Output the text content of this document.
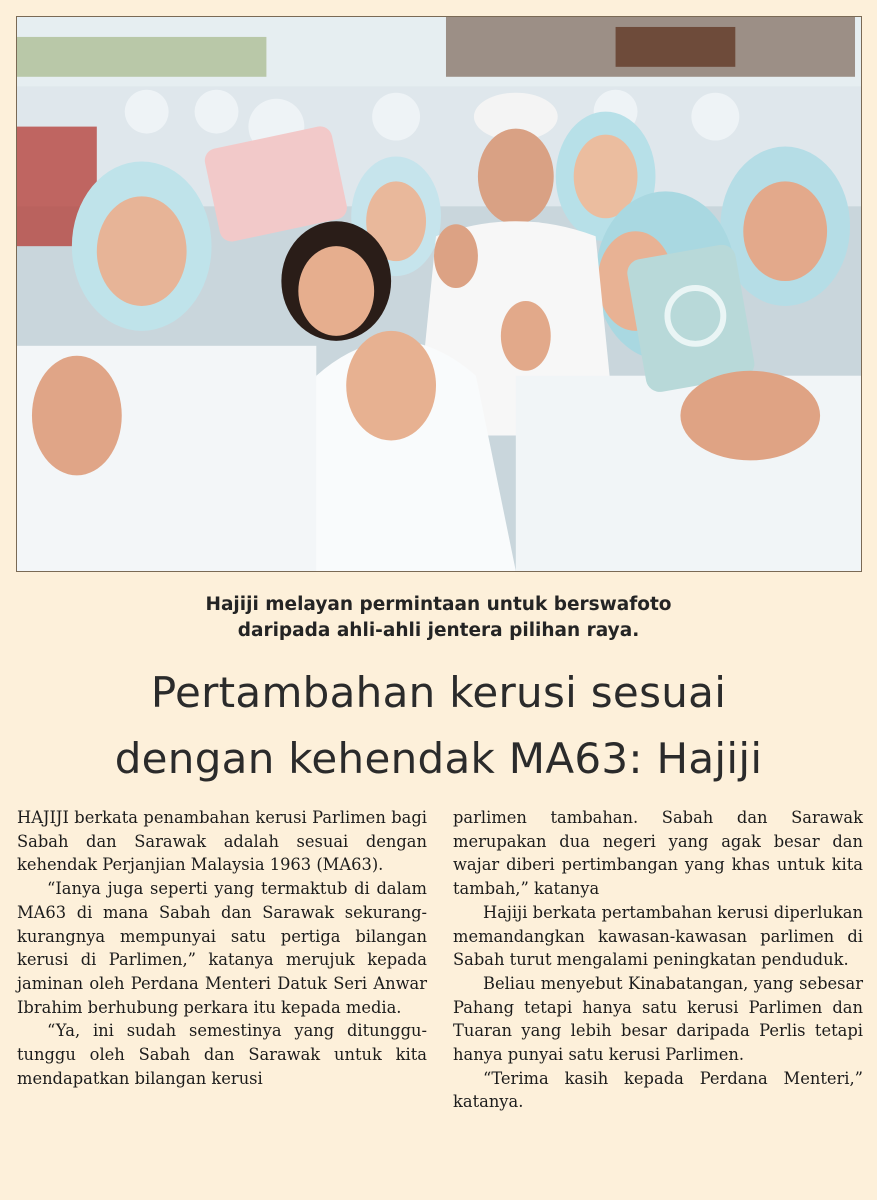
Hajiji melayan permintaan untuk berswafoto
daripada ahli-ahli jentera pilihan raya.
Pertambahan kerusi sesuai
dengan kehendak MA63: Hajiji

HAJIJI berkata penambahan kerusi Parlimen bagi Sabah dan Sarawak adalah sesuai dengan kehendak Perjanjian Malaysia 1963 (MA63).

“Ianya juga seperti yang termaktub di dalam MA63 di mana Sabah dan Sarawak sekurang-kurangnya mempunyai satu pertiga bilangan kerusi di Parlimen,” katanya merujuk kepada jaminan oleh Perdana Menteri Datuk Seri Anwar Ibrahim berhubung perkara itu kepada media.

“Ya, ini sudah semestinya yang ditunggu-tunggu oleh Sabah dan Sarawak untuk kita mendapatkan bilangan kerusi

parlimen tambahan. Sabah dan Sarawak merupakan dua negeri yang agak besar dan wajar diberi pertimbangan yang khas untuk kita tambah,” katanya

Hajiji berkata pertambahan kerusi diperlukan memandangkan kawasan-kawasan parlimen di Sabah turut mengalami peningkatan penduduk.

Beliau menyebut Kinabatangan, yang sebesar Pahang tetapi hanya satu kerusi Parlimen dan Tuaran yang lebih besar daripada Perlis tetapi hanya punyai satu kerusi Parlimen.

“Terima kasih kepada Perdana Menteri,” katanya.
